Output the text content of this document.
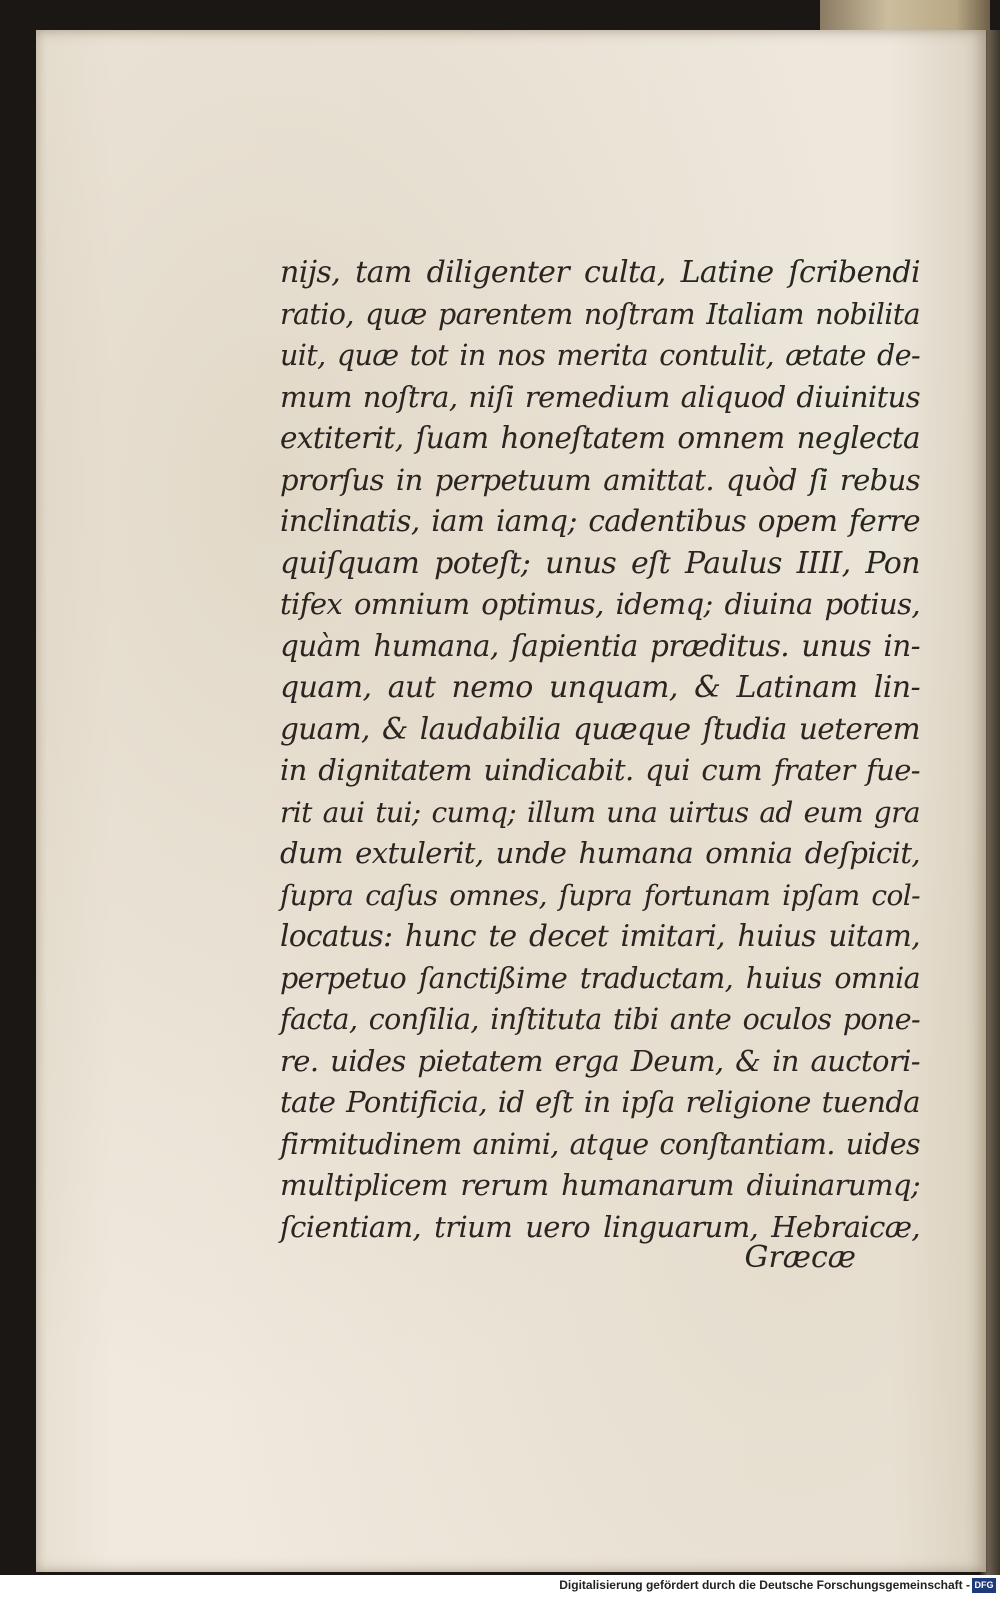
nijs, tam diligenter culta, Latine ſcribendi
ratio, quæ parentem noſtram Italiam nobilita
uit, quæ tot in nos merita contulit, ætate de-
mum noſtra, niſi remedium aliquod diuinitus
extiterit, ſuam honeſtatem omnem neglecta
prorſus in perpetuum amittat. quòd ſi rebus
inclinatis, iam iamq; cadentibus opem ferre
quiſquam poteſt; unus eſt Paulus IIII, Pon
tifex omnium optimus, idemq; diuina potius,
quàm humana, ſapientia præditus. unus in-
quam, aut nemo unquam, & Latinam lin-
guam, & laudabilia quæque ſtudia ueterem
in dignitatem uindicabit. qui cum frater fue-
rit aui tui; cumq; illum una uirtus ad eum gra
dum extulerit, unde humana omnia deſpicit,
ſupra caſus omnes, ſupra fortunam ipſam col-
locatus: hunc te decet imitari, huius uitam,
perpetuo ſanctißime traductam, huius omnia
facta, conſilia, inſtituta tibi ante oculos pone-
re. uides pietatem erga Deum, & in auctori-
tate Pontificia, id eſt in ipſa religione tuenda
firmitudinem animi, atque conſtantiam. uides
multiplicem rerum humanarum diuinarumq;
ſcientiam, trium uero linguarum, Hebraicæ,
Græcæ
Digitalisierung gefördert durch die Deutsche Forschungsgemeinschaft - DFG
